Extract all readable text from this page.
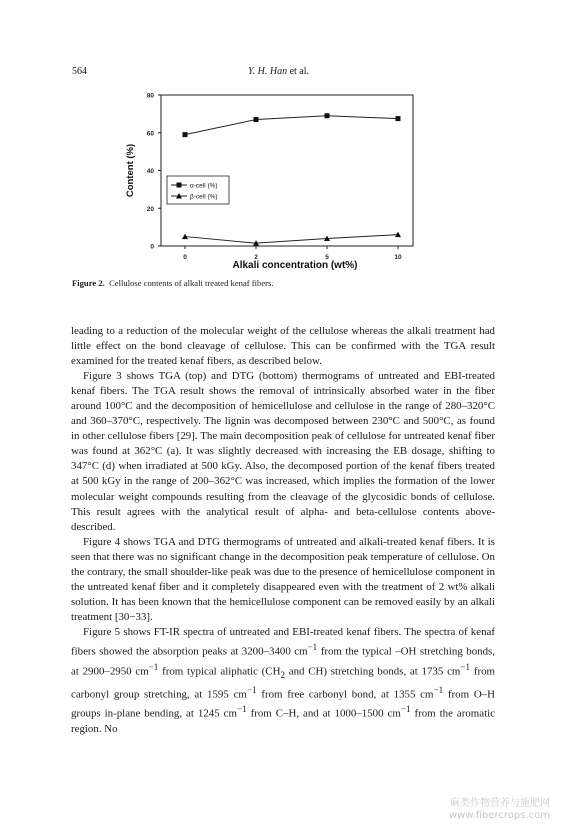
564	Y. H. Han et al.
0
20
40
60
80
0	2	5	10
Alkali concentration (wt%)
Content (%)	α-cell (%)
β-cell (%)
Figure 2. Cellulose contents of alkali treated kenaf fibers.

leading to a reduction of the molecular weight of the cellulose whereas the alkali treatment had little effect on the bond cleavage of cellulose. This can be confirmed with the TGA result examined for the treated kenaf fibers, as described below.

Figure 3 shows TGA (top) and DTG (bottom) thermograms of untreated and EBI-treated kenaf fibers. The TGA result shows the removal of intrinsically absorbed water in the fiber around 100°C and the decomposition of hemicellulose and cellulose in the range of 280–320°C and 360–370°C, respectively. The lignin was decomposed between 230°C and 500°C, as found in other cellulose fibers [29]. The main decomposition peak of cellulose for untreated kenaf fiber was found at 362°C (a). It was slightly decreased with increasing the EB dosage, shifting to 347°C (d) when irradiated at 500 kGy. Also, the decomposed portion of the kenaf fibers treated at 500 kGy in the range of 200–362°C was increased, which implies the formation of the lower molecular weight compounds resulting from the cleavage of the glycosidic bonds of cellulose. This result agrees with the analytical result of alpha- and beta-cellulose contents above-described.

Figure 4 shows TGA and DTG thermograms of untreated and alkali-treated kenaf fibers. It is seen that there was no significant change in the decomposition peak temperature of cellulose. On the contrary, the small shoulder-like peak was due to the presence of hemicellulose component in the untreated kenaf fiber and it completely disappeared even with the treatment of 2 wt% alkali solution. It has been known that the hemicellulose component can be removed easily by an alkali treatment [30−33].

Figure 5 shows FT-IR spectra of untreated and EBI-treated kenaf fibers. The spectra of kenaf fibers showed the absorption peaks at 3200–3400 $cm^{-1}$ from the typical –OH stretching bonds, at 2900–2950 $cm^{-1}$ from typical aliphatic ($CH_2$ and CH) stretching bonds, at 1735 $cm^{-1}$ from carbonyl group stretching, at 1595 $cm^{-1}$ from free carbonyl bond, at 1355 $cm^{-1}$ from O–H groups in-plane bending, at 1245 $cm^{-1}$ from C–H, and at 1000–1500 $cm^{-1}$ from the aromatic region. No

麻类作物营养与施肥网
www.fibercrops.com
